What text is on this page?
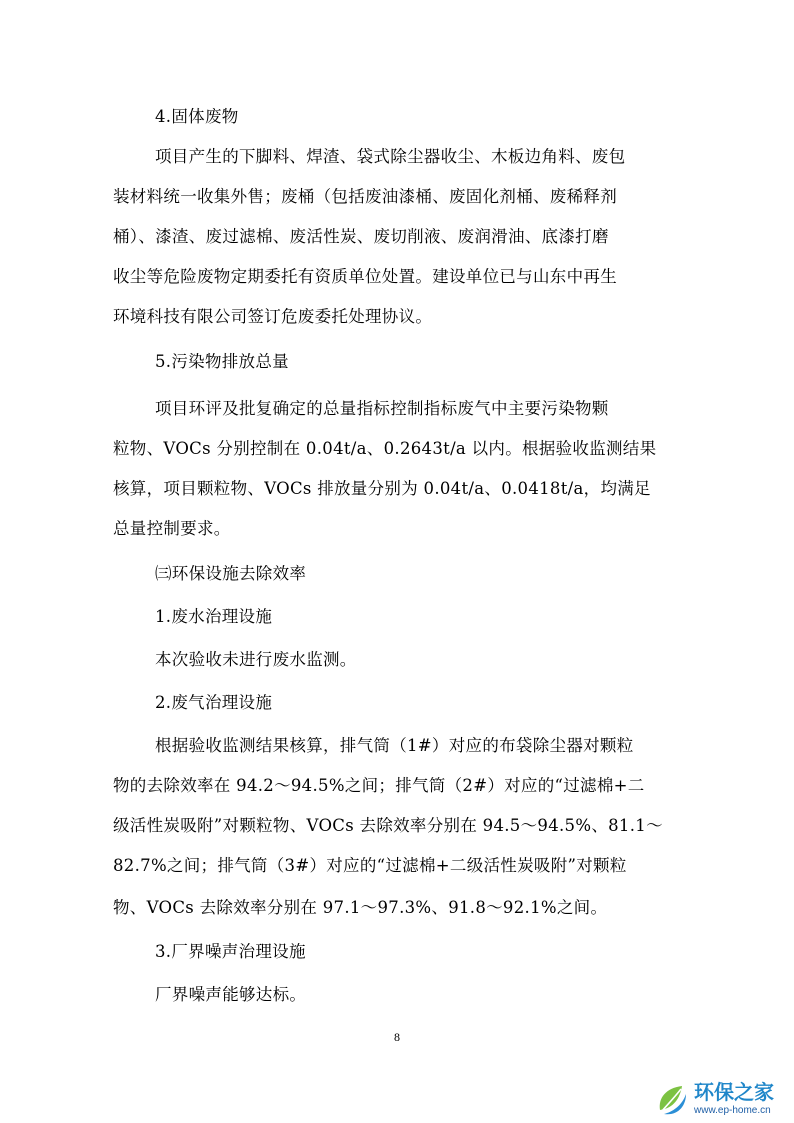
4.固体废物
项目产生的下脚料、焊渣、袋式除尘器收尘、木板边角料、废包
装材料统一收集外售；废桶（包括废油漆桶、废固化剂桶、废稀释剂
桶）、漆渣、废过滤棉、废活性炭、废切削液、废润滑油、底漆打磨
收尘等危险废物定期委托有资质单位处置。建设单位已与山东中再生
环境科技有限公司签订危废委托处理协议。
5.污染物排放总量
项目环评及批复确定的总量指标控制指标废气中主要污染物颗
粒物、VOCs 分别控制在 0.04t/a、0.2643t/a 以内。根据验收监测结果
核算，项目颗粒物、VOCs 排放量分别为 0.04t/a、0.0418t/a，均满足
总量控制要求。
㈢环保设施去除效率
1.废水治理设施
本次验收未进行废水监测。
2.废气治理设施
根据验收监测结果核算，排气筒（1#）对应的布袋除尘器对颗粒
物的去除效率在 94.2～94.5%之间；排气筒（2#）对应的“过滤棉+二
级活性炭吸附”对颗粒物、VOCs 去除效率分别在 94.5～94.5%、81.1～
82.7%之间；排气筒（3#）对应的“过滤棉+二级活性炭吸附”对颗粒
物、VOCs 去除效率分别在 97.1～97.3%、91.8～92.1%之间。
3.厂界噪声治理设施
厂界噪声能够达标。
8
环保之家
www.ep-home.cn
